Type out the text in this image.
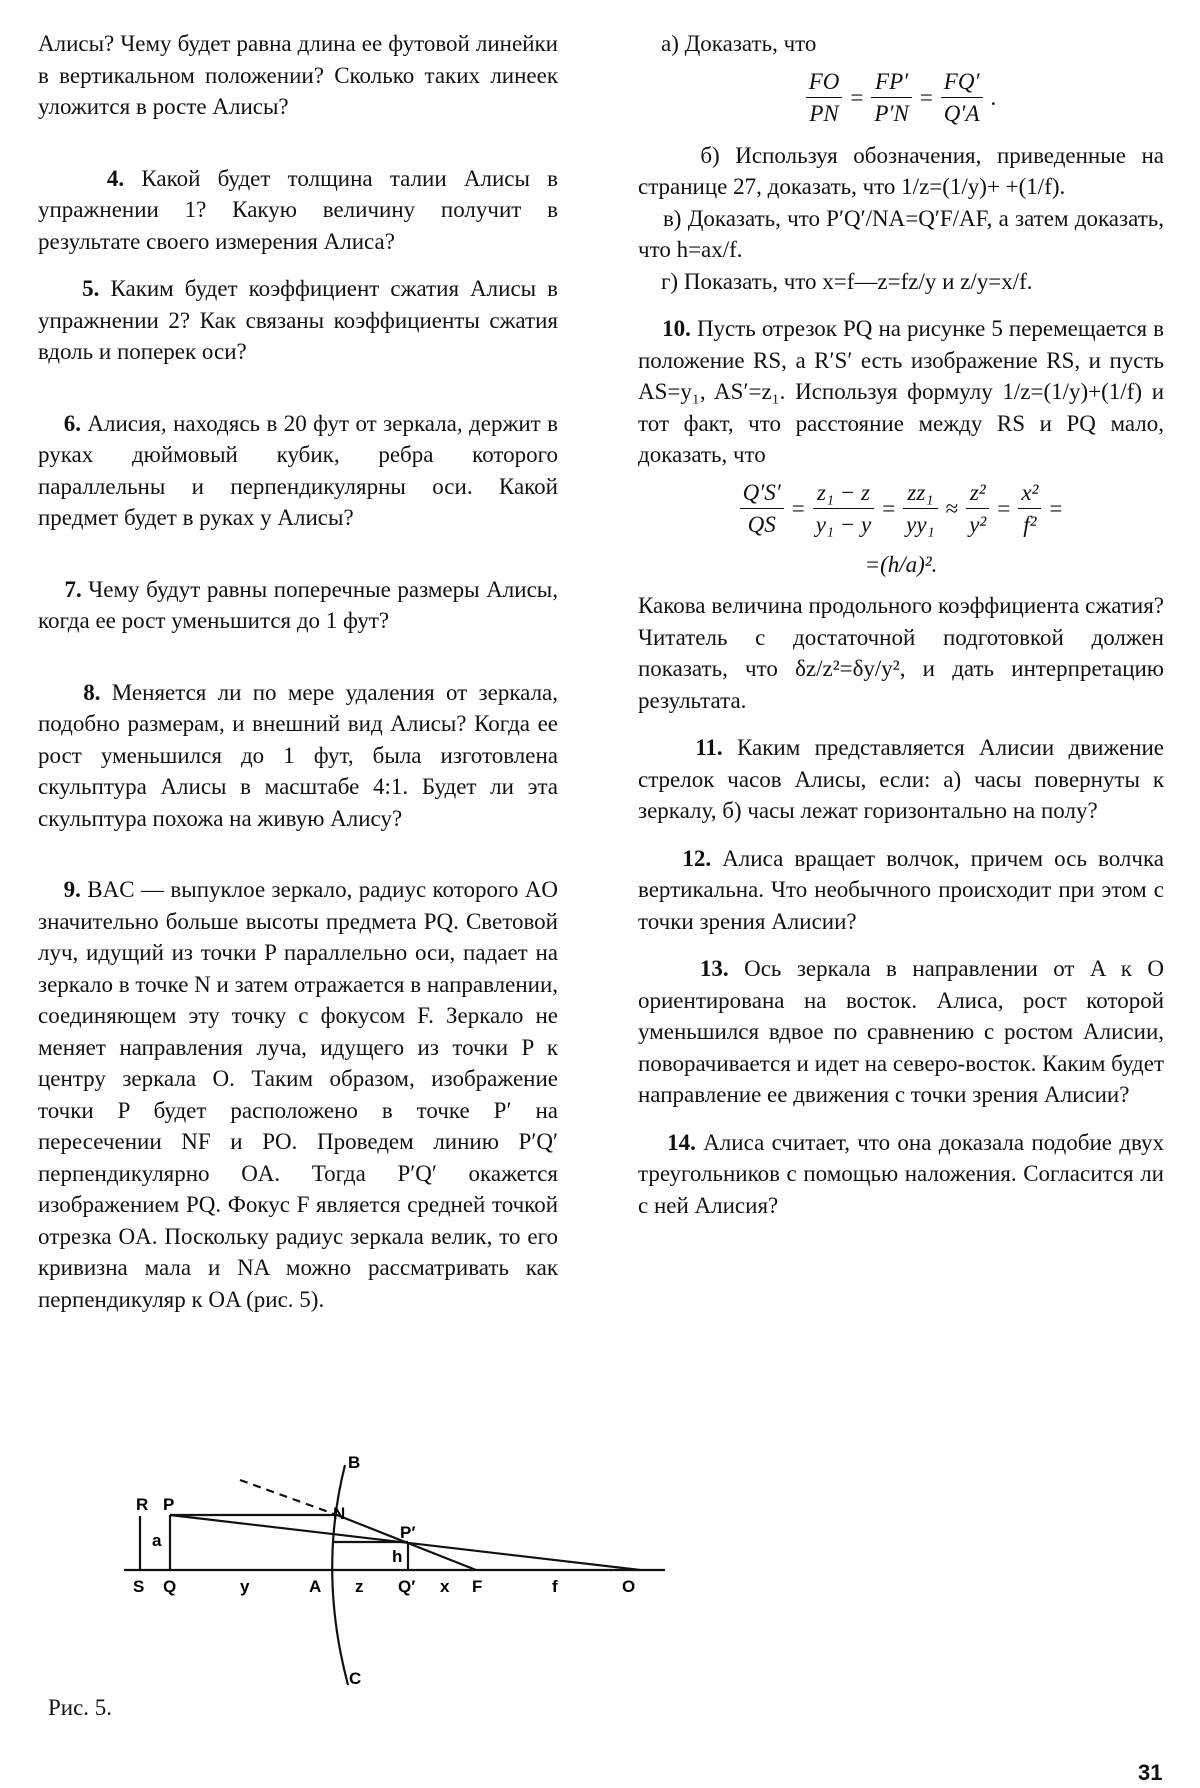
Алисы? Чему будет равна длина ее футовой линейки в вертикальном положении? Сколько таких линеек уложится в росте Алисы?

4. Какой будет толщина талии Алисы в упражнении 1? Какую величину получит в результате своего измерения Алиса?

5. Каким будет коэффициент сжатия Алисы в упражнении 2? Как связаны коэффициенты сжатия вдоль и поперек оси?

6. Алисия, находясь в 20 фут от зеркала, держит в руках дюймовый кубик, ребра которого параллельны и перпендикулярны оси. Какой предмет будет в руках у Алисы?

7. Чему будут равны поперечные размеры Алисы, когда ее рост уменьшится до 1 фут?

8. Меняется ли по мере удаления от зеркала, подобно размерам, и внешний вид Алисы? Когда ее рост уменьшился до 1 фут, была изготовлена скульптура Алисы в масштабе 4:1. Будет ли эта скульптура похожа на живую Алису?

9. BAC — выпуклое зеркало, радиус которого AO значительно больше высоты предмета PQ. Световой луч, идущий из точки P параллельно оси, падает на зеркало в точке N и затем отражается в направлении, соединяющем эту точку с фокусом F. Зеркало не меняет направления луча, идущего из точки P к центру зеркала O. Таким образом, изображение точки P будет расположено в точке P′ на пересечении NF и PO. Проведем линию P′Q′ перпендикулярно OA. Тогда P′Q′ окажется изображением PQ. Фокус F является средней точкой отрезка OA. Поскольку радиус зеркала велик, то его кривизна мала и NA можно рассматривать как перпендикуляр к OA (рис. 5).

а) Доказать, что

$\frac{FO}{PN} = \frac{FP'}{P'N} = \frac{FQ'}{Q'A}$ .

б) Используя обозначения, приведенные на странице 27, доказать, что 1/z=(1/y)+ +(1/f).

в) Доказать, что P′Q′/NA=Q′F/AF, а затем доказать, что h=ax/f.

г) Показать, что x=f—z=fz/y и z/y=x/f.

10. Пусть отрезок PQ на рисунке 5 перемещается в положение RS, а R′S′ есть изображение RS, и пусть AS=y₁, AS′=z₁. Используя формулу 1/z=(1/y)+(1/f) и тот факт, что расстояние между RS и PQ мало, доказать, что

$\frac{Q'S'}{QS} = \frac{\text{z₁ − z}}{\text{y₁ − y}} = \frac{\text{zz₁}}{\text{yy₁}} \approx \frac{\text{z²}}{\text{y²}} = \frac{\text{x²}}{\text{f²}}$ =
=(h/a)².

Какова величина продольного коэффициента сжатия? Читатель с достаточной подготовкой должен показать, что δz/z²=δy/y², и дать интерпретацию результата.

11. Каким представляется Алисии движение стрелок часов Алисы, если: а) часы повернуты к зеркалу, б) часы лежат горизонтально на полу?

12. Алиса вращает волчок, причем ось волчка вертикальна. Что необычного происходит при этом с точки зрения Алисии?

13. Ось зеркала в направлении от A к O ориентирована на восток. Алиса, рост которой уменьшился вдвое по сравнению с ростом Алисии, поворачивается и идет на северо-восток. Каким будет направление ее движения с точки зрения Алисии?

14. Алиса считает, что она доказала подобие двух треугольников с помощью наложения. Согласится ли с ней Алисия?

R P
B
N
P′
a
h
S Q	y	A z Q′ x F	f	O
C
Рис. 5.
31
